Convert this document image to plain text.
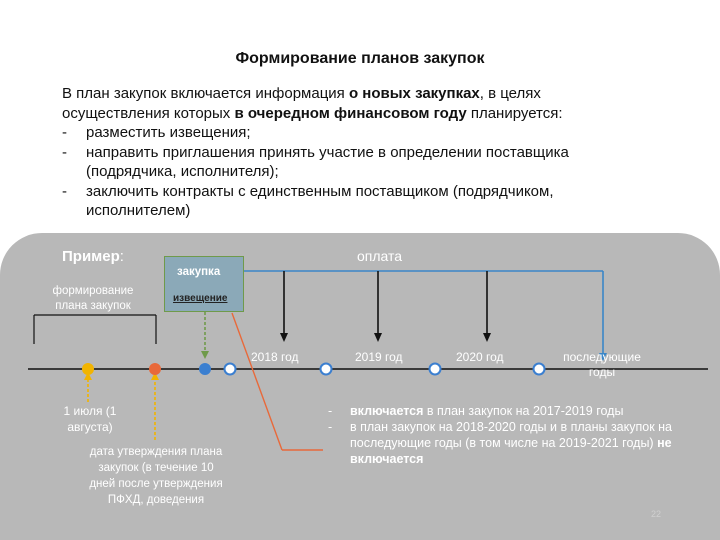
Формирование планов закупок

В план закупок включается информация о новых закупках, в целях

осуществления которых в очередном финансовом году планируется:

- разместить извещения;

- направить приглашения принять участие в определении поставщика

(подрядчика, исполнителя);

- заключить контракты с единственным поставщиком (подрядчиком,

исполнителем)

Пример:
формирование плана закупок
закупка
извещение
оплата
2018 год	2019 год	2020 год	последующие годы
1 июля (1 августа)
дата утверждения плана закупок (в течение 10 дней после утверждения ПФХД, доведения
- включается в план закупок на 2017-2019 годы
- в план закупок на 2018-2020 годы и в планы закупок на последующие годы (в том числе на 2019-2021 годы) не включается
22
